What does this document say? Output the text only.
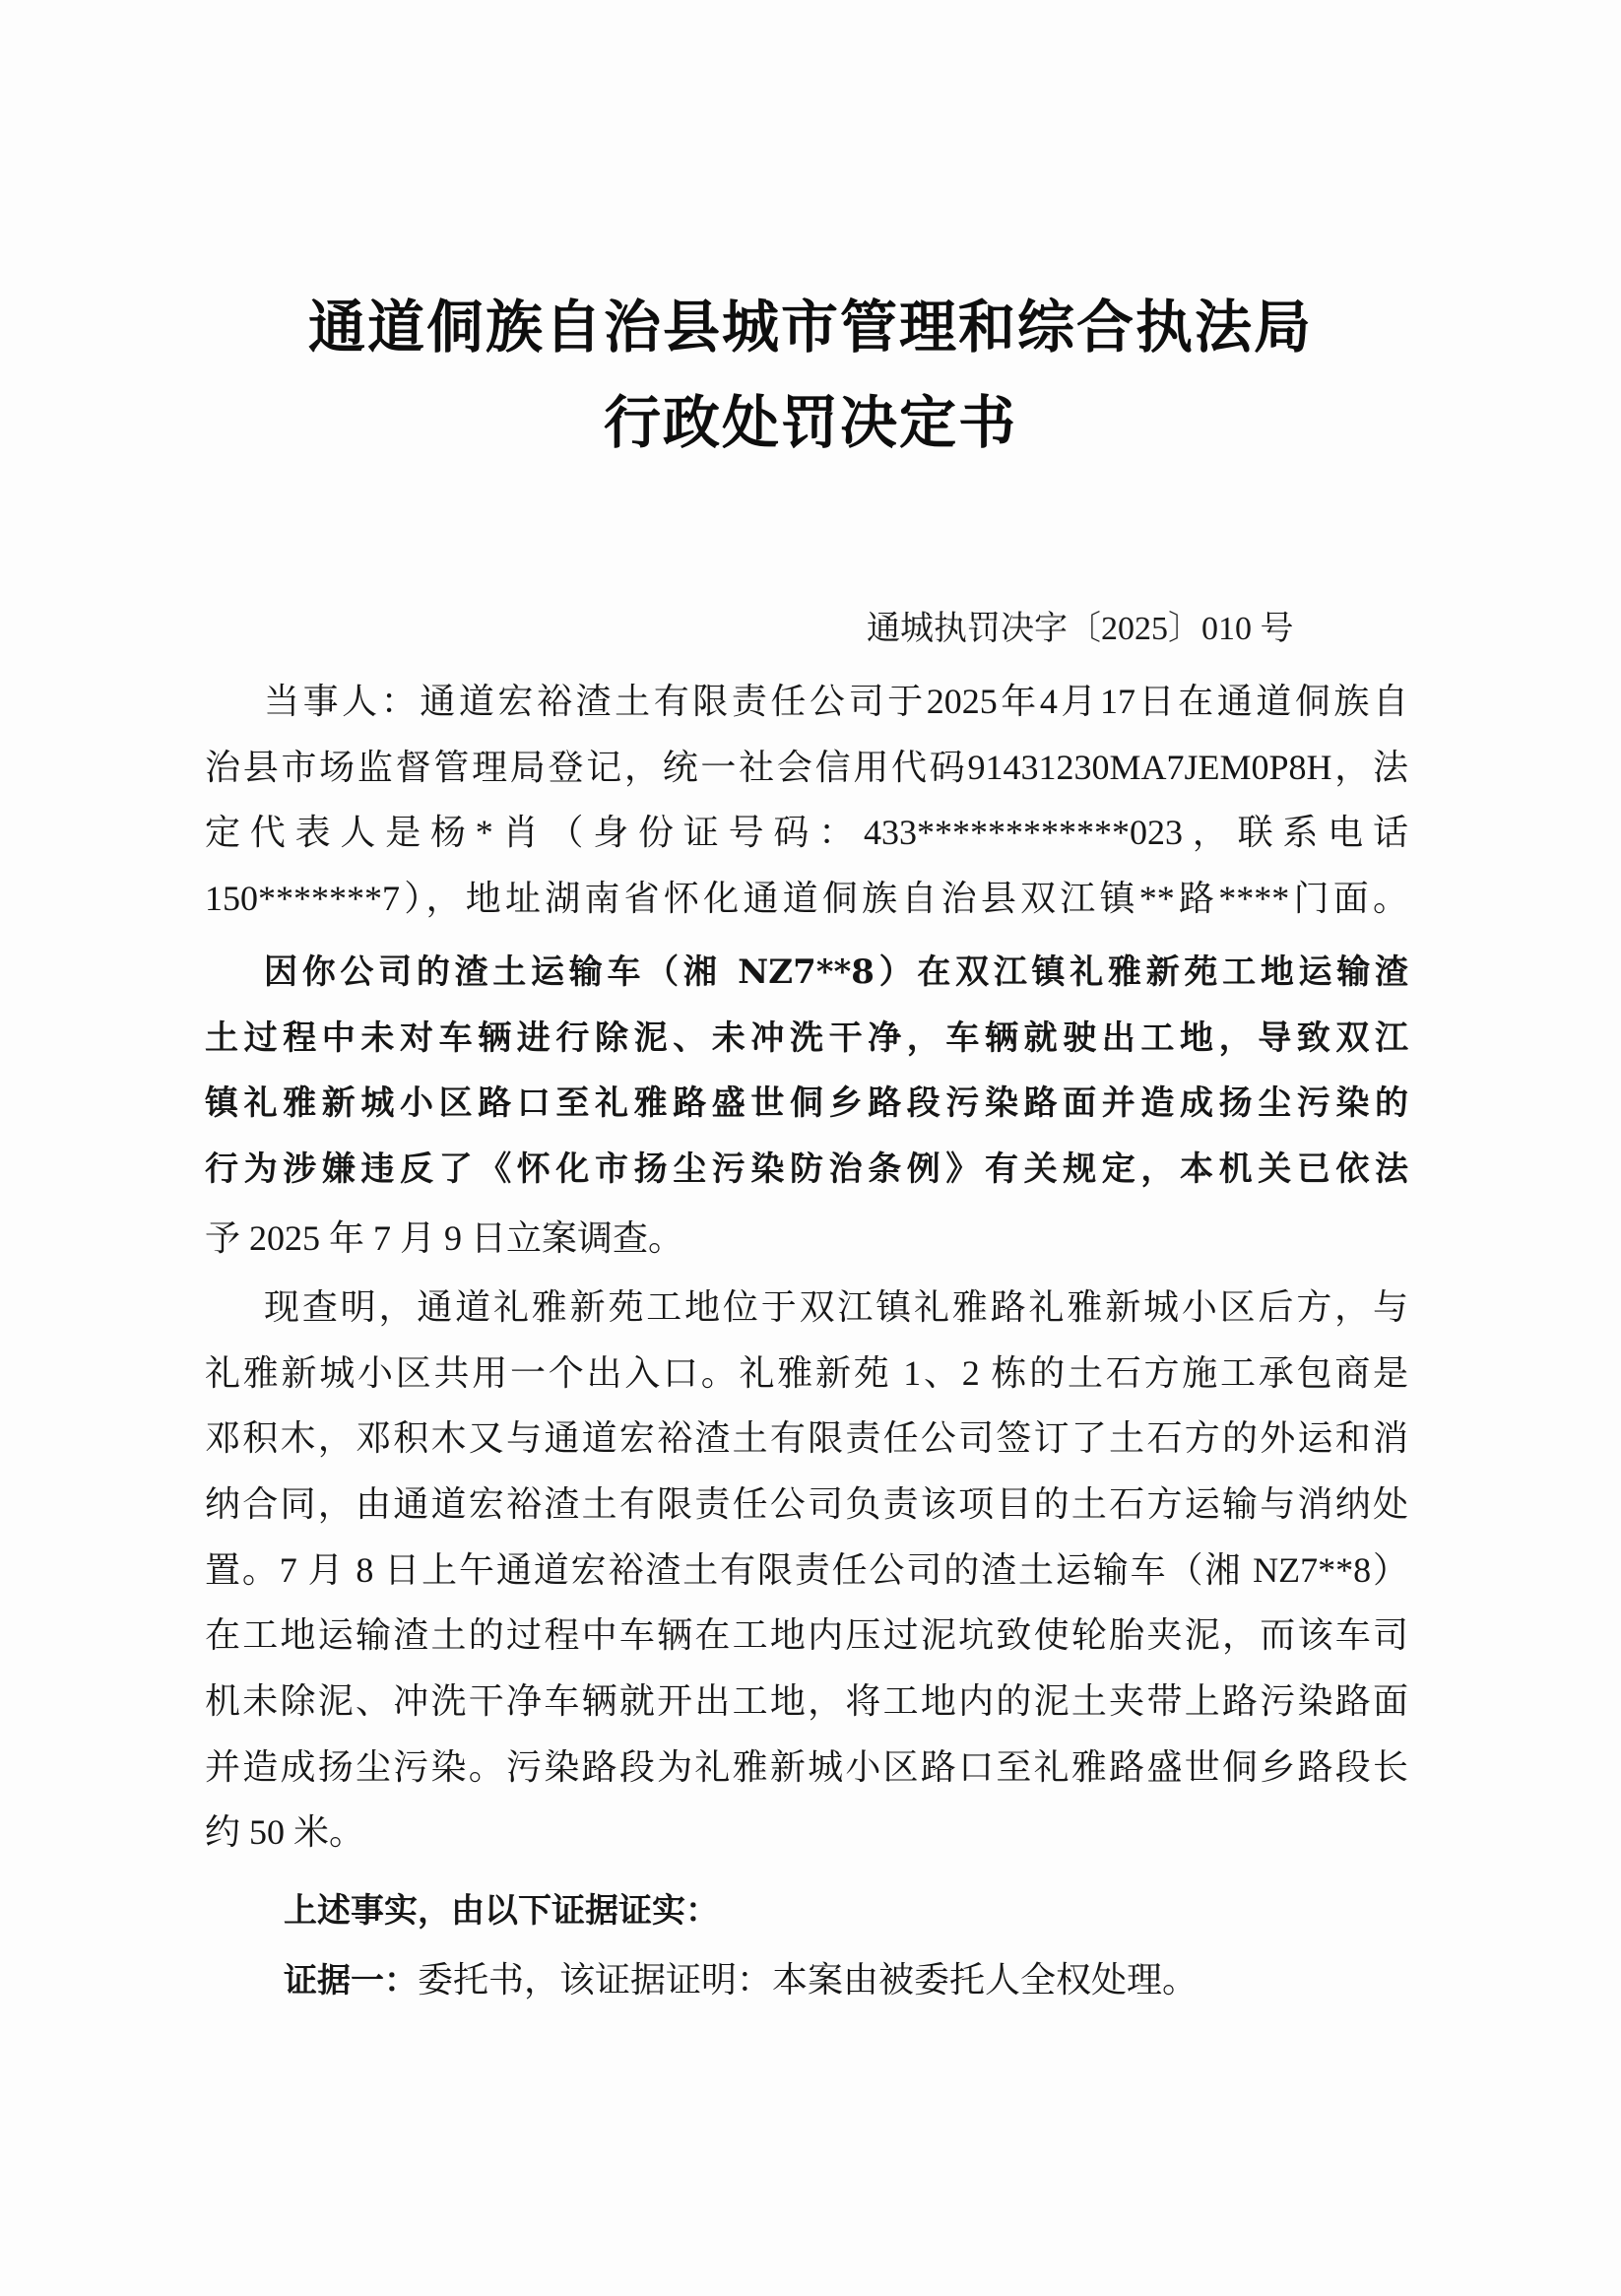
通道侗族自治县城市管理和综合执法局
行政处罚决定书
通城执罚决字〔2025〕010 号
当事人：通道宏裕渣土有限责任公司于2025年4月17日在通道侗族自
治县市场监督管理局登记，统一社会信用代码91431230MA7JEM0P8H，法
定代表人是杨*肖（身份证号码：433************023，联系电话
150*******7），地址湖南省怀化通道侗族自治县双江镇**路****门面。
因你公司的渣土运输车（湘 NZ7**8）在双江镇礼雅新苑工地运输渣
土过程中未对车辆进行除泥、未冲洗干净，车辆就驶出工地，导致双江
镇礼雅新城小区路口至礼雅路盛世侗乡路段污染路面并造成扬尘污染的
行为涉嫌违反了《怀化市扬尘污染防治条例》有关规定，本机关已依法
予 2025 年 7 月 9 日立案调查。
现查明，通道礼雅新苑工地位于双江镇礼雅路礼雅新城小区后方，与
礼雅新城小区共用一个出入口。礼雅新苑 1、2 栋的土石方施工承包商是
邓积木，邓积木又与通道宏裕渣土有限责任公司签订了土石方的外运和消
纳合同，由通道宏裕渣土有限责任公司负责该项目的土石方运输与消纳处
置。7 月 8 日上午通道宏裕渣土有限责任公司的渣土运输车（湘 NZ7**8）
在工地运输渣土的过程中车辆在工地内压过泥坑致使轮胎夹泥，而该车司
机未除泥、冲洗干净车辆就开出工地，将工地内的泥土夹带上路污染路面
并造成扬尘污染。污染路段为礼雅新城小区路口至礼雅路盛世侗乡路段长
约 50 米。
上述事实，由以下证据证实：
证据一：委托书，该证据证明：本案由被委托人全权处理。
